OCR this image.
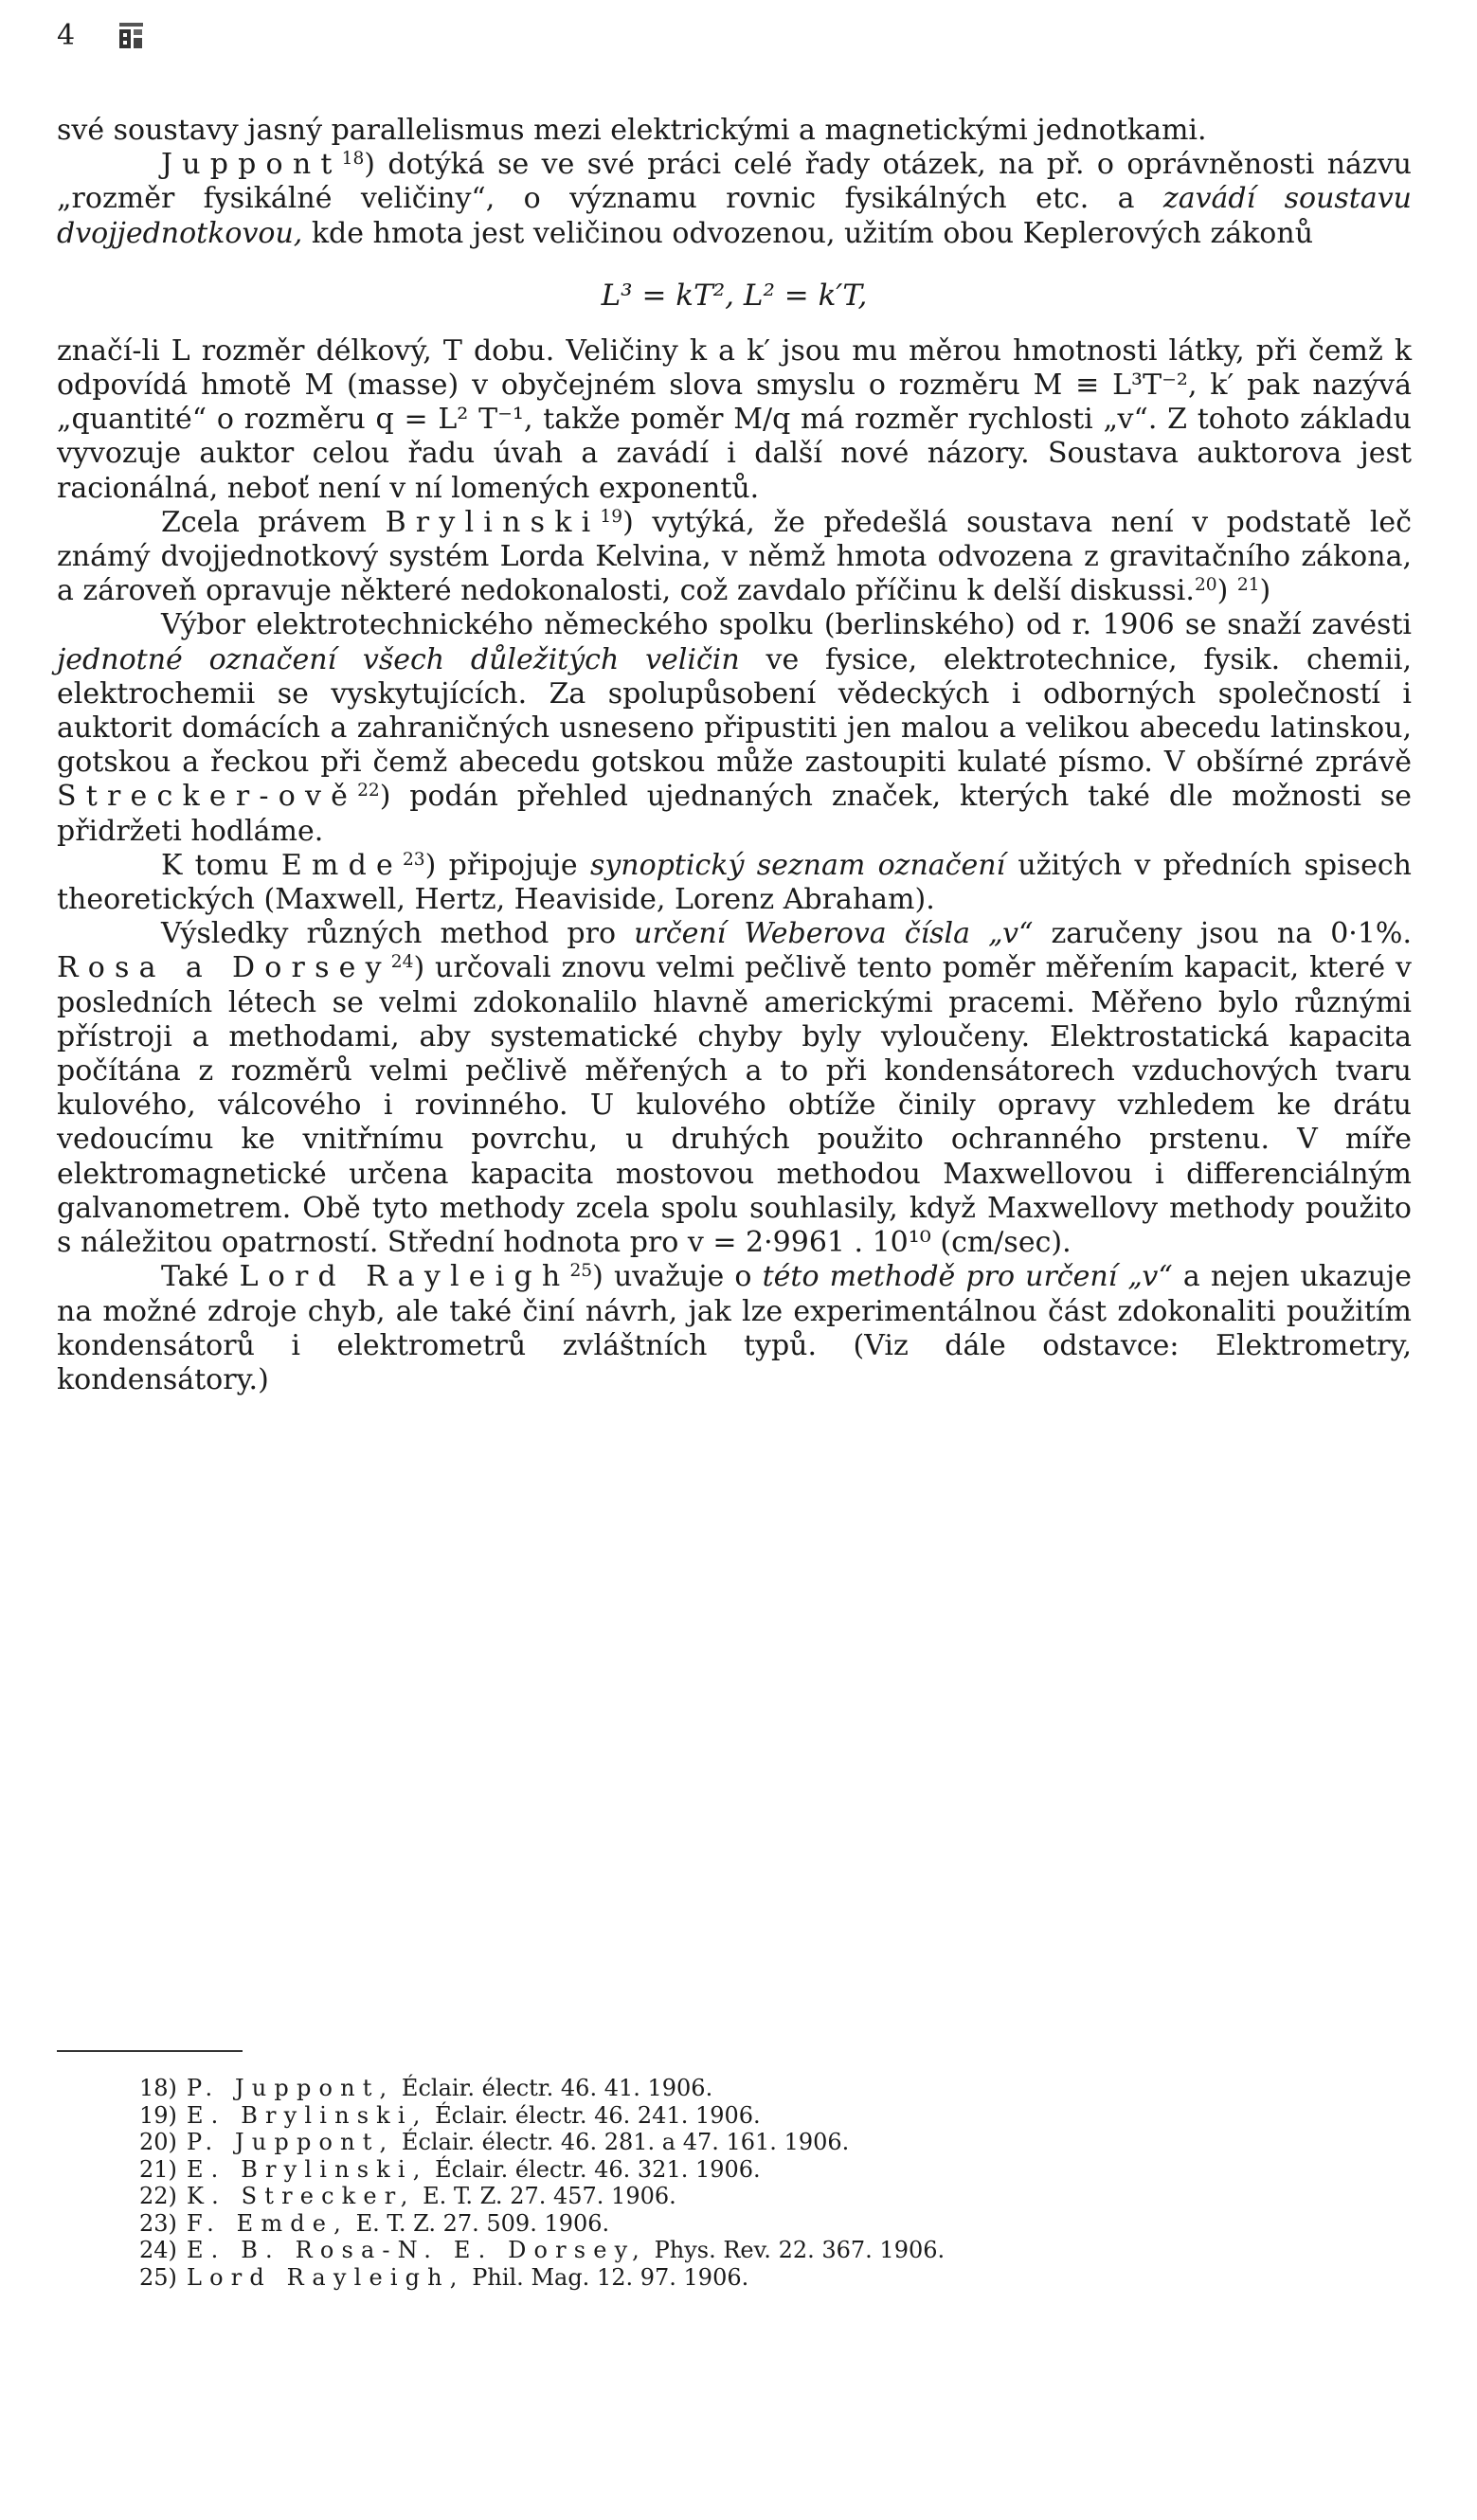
4

své soustavy jasný parallelismus mezi elektrickými a magnetickými jednotkami.

Juppont$^{18}$) dotýká se ve své práci celé řady otázek, na př. o oprávněnosti názvu „rozměr fysikálné veličiny“, o významu rovnic fysikálných etc. a zavádí soustavu dvojjednotkovou, kde hmota jest veličinou odvozenou, užitím obou Keplerových zákonů

L³ = kT², L² = k′T,

značí-li L rozměr délkový, T dobu. Veličiny k a k′ jsou mu měrou hmotnosti látky, při čemž k odpovídá hmotě M (masse) v obyčejném slova smyslu o rozměru M ≡ L³T⁻², k′ pak nazývá „quantité“ o rozměru q = L² T⁻¹, takže poměr M/q má rozměr rychlosti „v“. Z tohoto základu vyvozuje auktor celou řadu úvah a zavádí i další nové názory. Soustava auktorova jest racionálná, neboť není v ní lomených exponentů.

Zcela právem Brylinski$^{19}$) vytýká, že předešlá soustava není v podstatě leč známý dvojjednotkový systém Lorda Kelvina, v němž hmota odvozena z gravitačního zákona, a zároveň opravuje některé nedokonalosti, což zavdalo příčinu k delší diskussi.$^{20}$) $^{21}$)

Výbor elektrotechnického německého spolku (berlinského) od r. 1906 se snaží zavésti jednotné označení všech důležitých veličin ve fysice, elektrotechnice, fysik. chemii, elektrochemii se vyskytujících. Za spolupůsobení vědeckých i odborných společností i auktorit domácích a zahraničných usneseno připustiti jen malou a velikou abecedu latinskou, gotskou a řeckou při čemž abecedu gotskou může zastoupiti kulaté písmo. V obšírné zprávě Strecker-ově$^{22}$) podán přehled ujednaných značek, kterých také dle možnosti se přidržeti hodláme.

K tomu Emde$^{23}$) připojuje synoptický seznam označení užitých v předních spisech theoretických (Maxwell, Hertz, Heaviside, Lorenz Abraham).

Výsledky různých method pro určení Weberova čísla „v“ zaručeny jsou na 0·1%. Rosa a Dorsey$^{24}$) určovali znovu velmi pečlivě tento poměr měřením kapacit, které v posledních létech se velmi zdokonalilo hlavně americkými pracemi. Měřeno bylo různými přístroji a methodami, aby systematické chyby byly vyloučeny. Elektrostatická kapacita počítána z rozměrů velmi pečlivě měřených a to při kondensátorech vzduchových tvaru kulového, válcového i rovinného. U kulového obtíže činily opravy vzhledem ke drátu vedoucímu ke vnitřnímu povrchu, u druhých použito ochranného prstenu. V míře elektromagnetické určena kapacita mostovou methodou Maxwellovou i differenciálným galvanometrem. Obě tyto methody zcela spolu souhlasily, když Maxwellovy methody použito s náležitou opatrností. Střední hodnota pro v = 2·9961 . 10¹⁰ (cm/sec).

Také Lord Rayleigh$^{25}$) uvažuje o této methodě pro určení „v“ a nejen ukazuje na možné zdroje chyb, ale také činí návrh, jak lze experimentálnou část zdokonaliti použitím kondensátorů i elektrometrů zvláštních typů. (Viz dále odstavce: Elektrometry, kondensátory.)

18) P. Juppont, Éclair. électr. 46. 41. 1906.
19) E. Brylinski, Éclair. électr. 46. 241. 1906.
20) P. Juppont, Éclair. électr. 46. 281. a 47. 161. 1906.
21) E. Brylinski, Éclair. électr. 46. 321. 1906.
22) K. Strecker, E. T. Z. 27. 457. 1906.
23) F. Emde, E. T. Z. 27. 509. 1906.
24) E. B. Rosa-N. E. Dorsey, Phys. Rev. 22. 367. 1906.
25) Lord Rayleigh, Phil. Mag. 12. 97. 1906.
